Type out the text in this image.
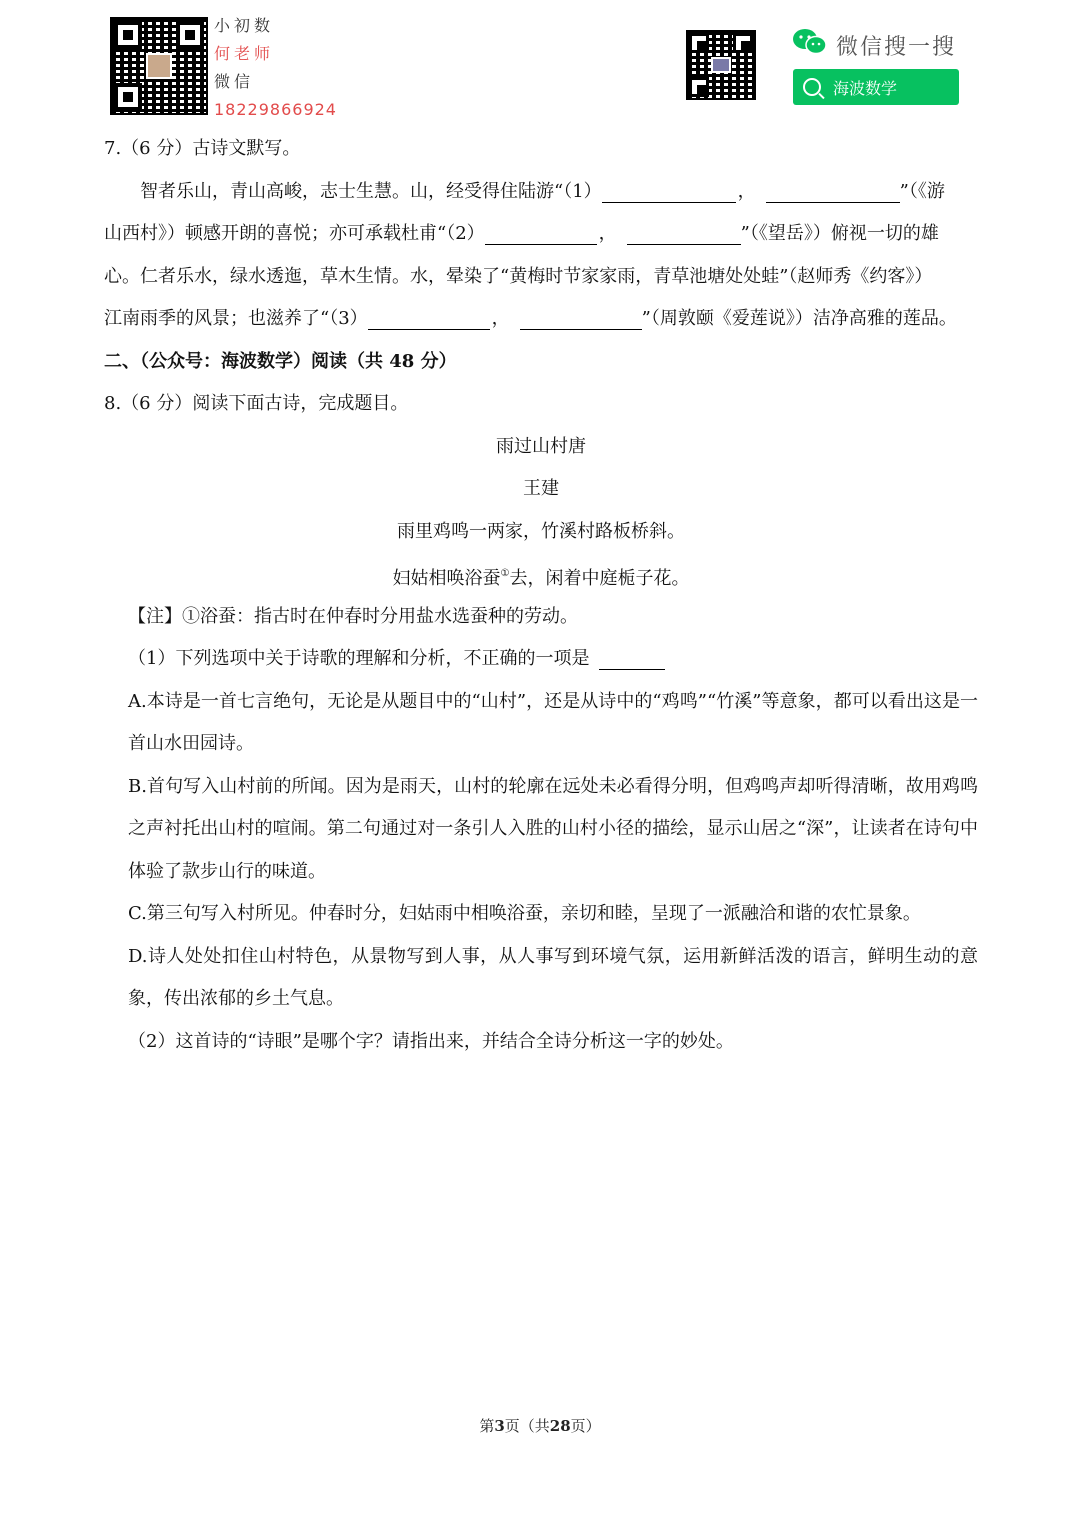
小初数
何老师
微信
18229866924
微信搜一搜
海波数学
7.（6 分）古诗文默写。
智者乐山，青山高峻，志士生慧。山，经受得住陆游“（1）	，	”（《游
山西村》）顿感开朗的喜悦；亦可承载杜甫“（2）	，	”（《望岳》）俯视一切的雄
心。仁者乐水，绿水透迤，草木生情。水，晕染了“黄梅时节家家雨，青草池塘处处蛙”（赵师秀《约客》）
江南雨季的风景；也滋养了“（3）	，	”（周敦颐《爱莲说》）洁净高雅的莲品。
二、（公众号：海波数学）阅读（共 48 分）
8.（6 分）阅读下面古诗，完成题目。
雨过山村唐
王建
雨里鸡鸣一两家，竹溪村路板桥斜。
妇姑相唤浴蚕①去，闲着中庭栀子花。
【注】①浴蚕：指古时在仲春时分用盐水选蚕种的劳动。
（1）下列选项中关于诗歌的理解和分析，不正确的一项是
A.本诗是一首七言绝句，无论是从题目中的“山村”，还是从诗中的“鸡鸣”“竹溪”等意象，都可以看出这是一首山水田园诗。
B.首句写入山村前的所闻。因为是雨天，山村的轮廓在远处未必看得分明，但鸡鸣声却听得清晰，故用鸡鸣之声衬托出山村的喧闹。第二句通过对一条引人入胜的山村小径的描绘，显示山居之“深”，让读者在诗句中体验了款步山行的味道。
C.第三句写入村所见。仲春时分，妇姑雨中相唤浴蚕，亲切和睦，呈现了一派融洽和谐的农忙景象。
D.诗人处处扣住山村特色，从景物写到人事，从人事写到环境气氛，运用新鲜活泼的语言，鲜明生动的意象，传出浓郁的乡土气息。
（2）这首诗的“诗眼”是哪个字？请指出来，并结合全诗分析这一字的妙处。
第3页（共28页）
